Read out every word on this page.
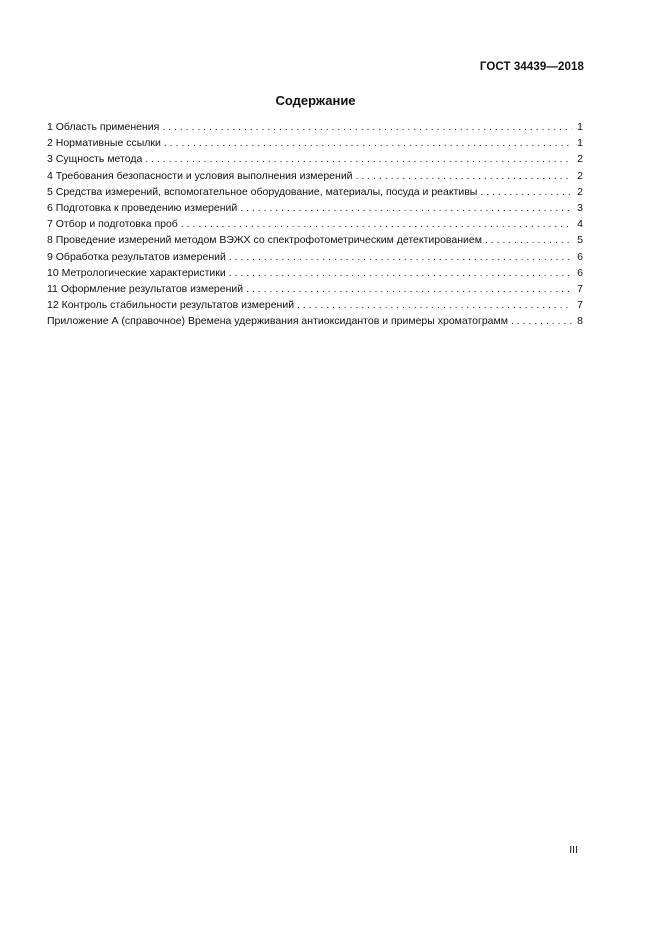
ГОСТ 34439—2018
Содержание
1 Область применения . . .	1
2 Нормативные ссылки . . .	1
3 Сущность метода . . .	2
4 Требования безопасности и условия выполнения измерений . . .	2
5 Средства измерений, вспомогательное оборудование, материалы, посуда и реактивы . . .	2
6 Подготовка к проведению измерений . . .	3
7 Отбор и подготовка проб . . .	4
8 Проведение измерений методом ВЭЖХ со спектрофотометрическим детектированием . . .	5
9 Обработка результатов измерений . . .	6
10 Метрологические характеристики . . .	6
11 Оформление результатов измерений . . .	7
12 Контроль стабильности результатов измерений . . .	7
Приложение А (справочное) Времена удерживания антиоксидантов и примеры хроматограмм . . .	8
III
